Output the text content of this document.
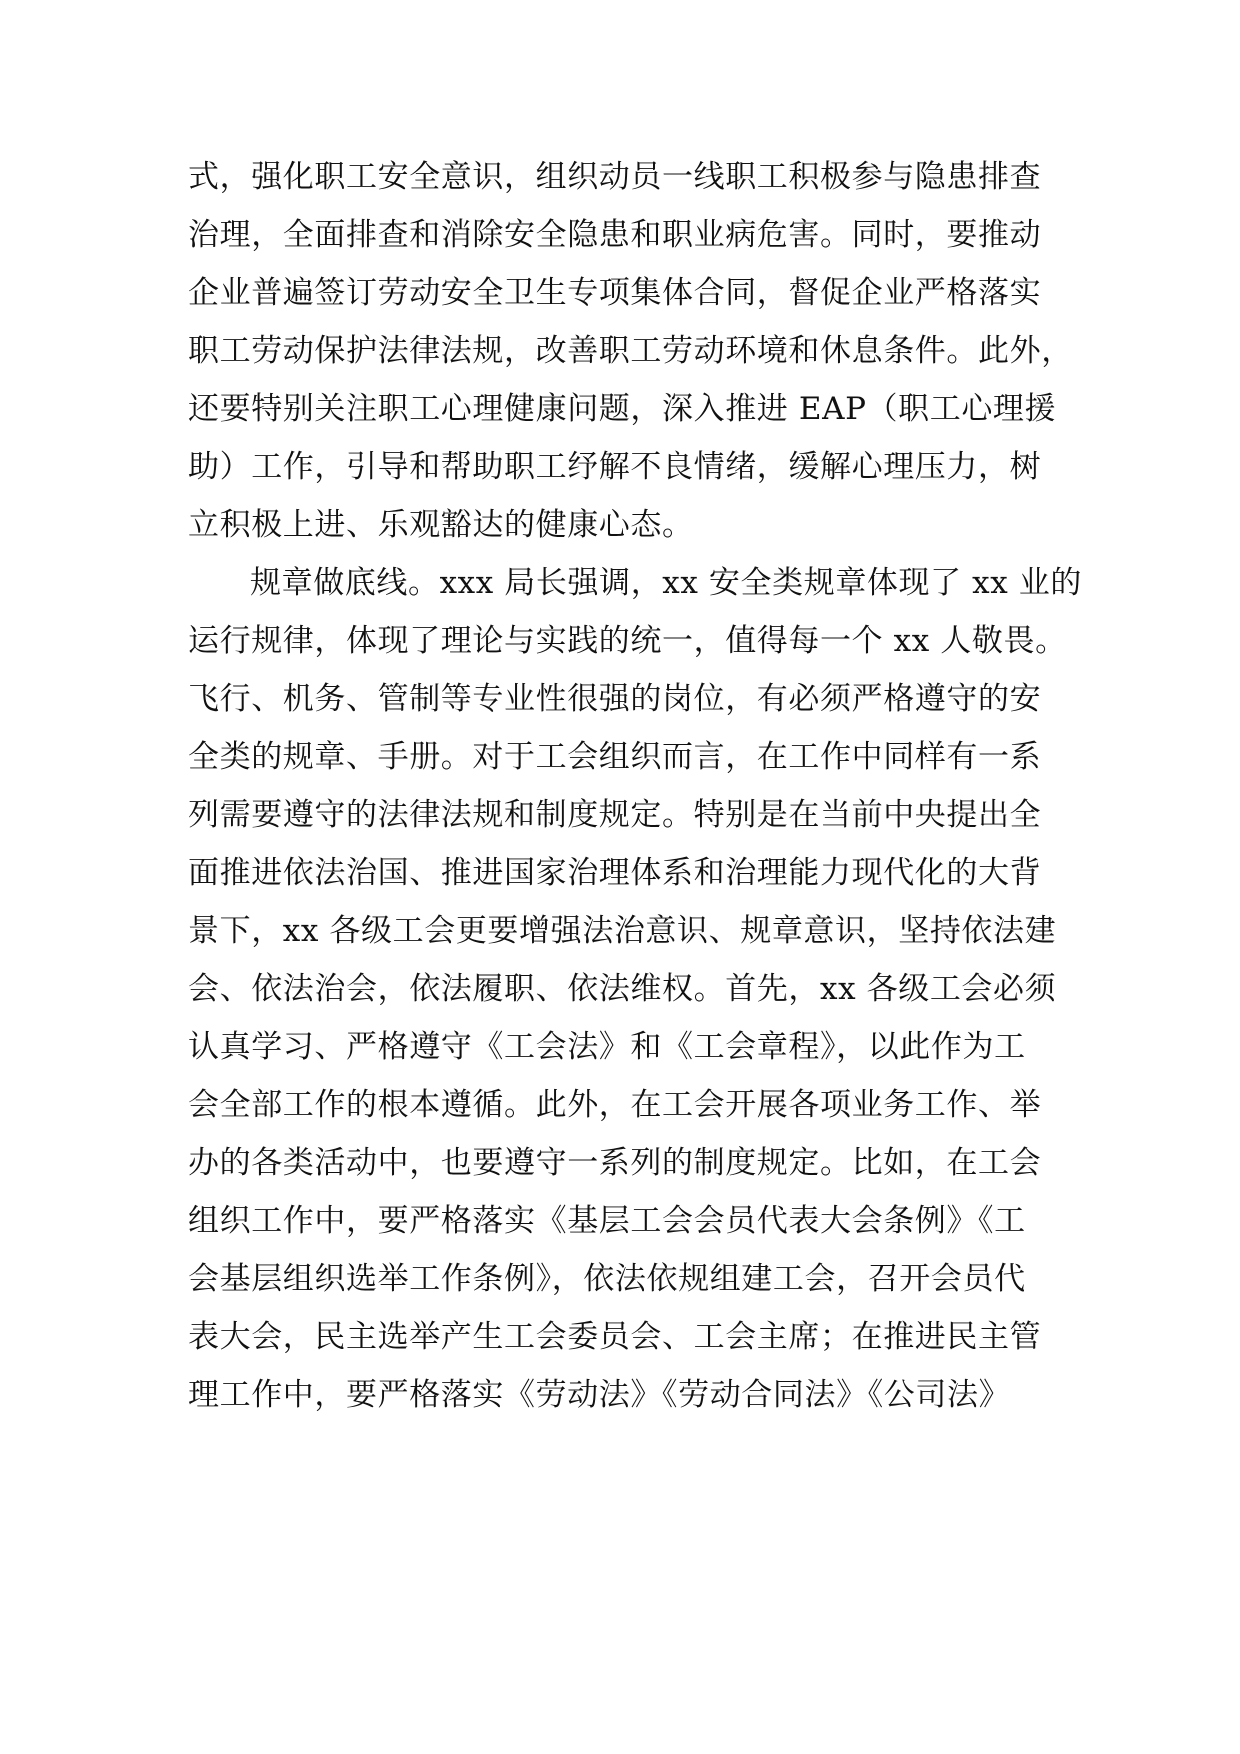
式，强化职工安全意识，组织动员一线职工积极参与隐患排查
治理，全面排查和消除安全隐患和职业病危害。同时，要推动
企业普遍签订劳动安全卫生专项集体合同，督促企业严格落实
职工劳动保护法律法规，改善职工劳动环境和休息条件。此外，
还要特别关注职工心理健康问题，深入推进 EAP（职工心理援
助）工作，引导和帮助职工纾解不良情绪，缓解心理压力，树
立积极上进、乐观豁达的健康心态。
规章做底线。xxx 局长强调，xx 安全类规章体现了 xx 业的
运行规律，体现了理论与实践的统一，值得每一个 xx 人敬畏。
飞行、机务、管制等专业性很强的岗位，有必须严格遵守的安
全类的规章、手册。对于工会组织而言，在工作中同样有一系
列需要遵守的法律法规和制度规定。特别是在当前中央提出全
面推进依法治国、推进国家治理体系和治理能力现代化的大背
景下，xx 各级工会更要增强法治意识、规章意识，坚持依法建
会、依法治会，依法履职、依法维权。首先，xx 各级工会必须
认真学习、严格遵守《工会法》和《工会章程》，以此作为工
会全部工作的根本遵循。此外，在工会开展各项业务工作、举
办的各类活动中，也要遵守一系列的制度规定。比如，在工会
组织工作中，要严格落实《基层工会会员代表大会条例》《工
会基层组织选举工作条例》，依法依规组建工会，召开会员代
表大会，民主选举产生工会委员会、工会主席；在推进民主管
理工作中，要严格落实《劳动法》《劳动合同法》《公司法》
